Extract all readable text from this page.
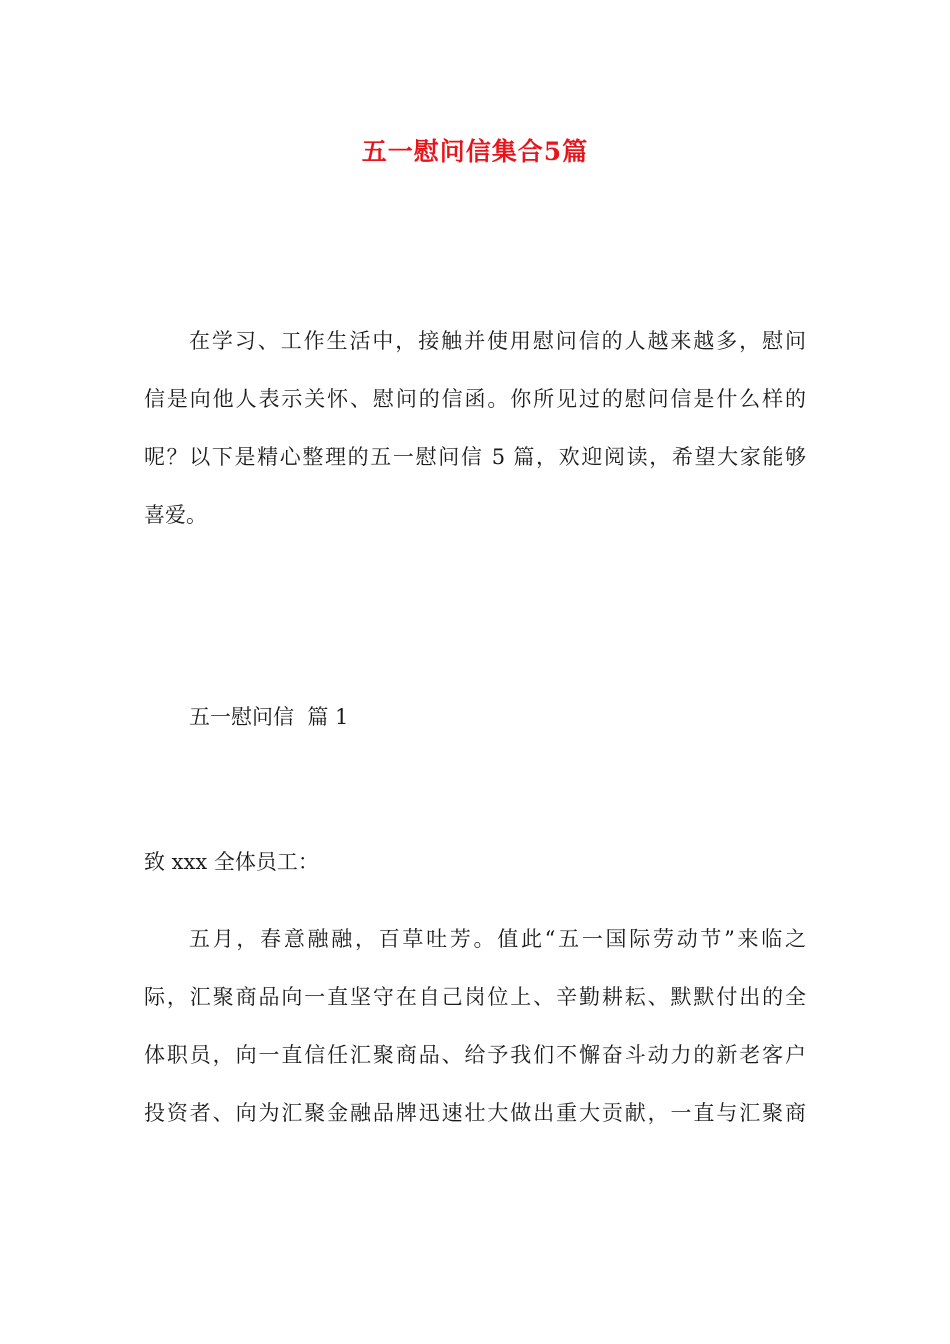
五一慰问信集合5篇
在学习、工作生活中，接触并使用慰问信的人越来越多，慰问
信是向他人表示关怀、慰问的信函。你所见过的慰问信是什么样的
呢？以下是精心整理的五一慰问信 5 篇，欢迎阅读，希望大家能够
喜爱。
五一慰问信  篇 1
致 xxx 全体员工：
五月，春意融融，百草吐芳。值此“五一国际劳动节”来临之
际，汇聚商品向一直坚守在自己岗位上、辛勤耕耘、默默付出的全
体职员，向一直信任汇聚商品、给予我们不懈奋斗动力的新老客户
投资者、向为汇聚金融品牌迅速壮大做出重大贡献，一直与汇聚商
